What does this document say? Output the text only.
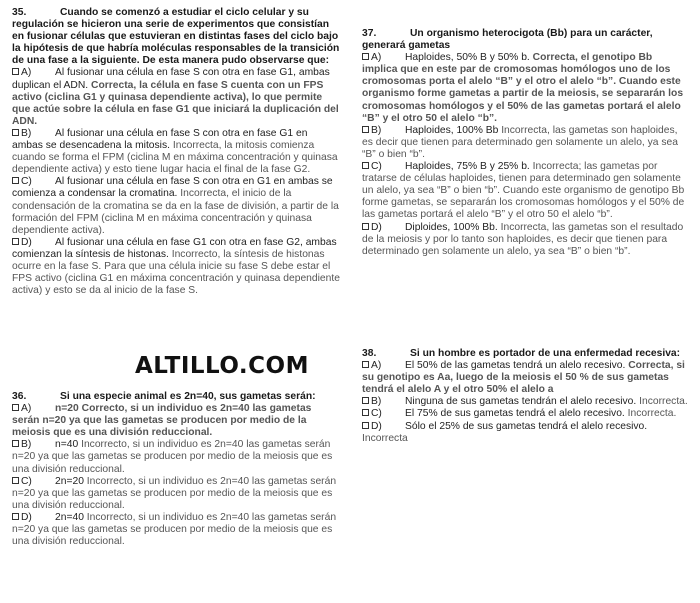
35.	Cuando se comenzó a estudiar el ciclo celular y su regulación se hicieron una serie de experimentos que consistían en fusionar células que estuvieran en distintas fases del ciclo bajo la hipótesis de que habría moléculas responsables de la transición de una fase a la siguiente. De esta manera pudo observarse que:
A) Al fusionar una célula en fase S con otra en fase G1, ambas duplican el ADN. Correcta, la célula en fase S cuenta con un FPS activo (ciclina G1 y quinasa dependiente activa), lo que permite que actúe sobre la célula en fase G1 que iniciará la duplicación del ADN.
B) Al fusionar una célula en fase S con otra en fase G1 en ambas se desencadena la mitosis. Incorrecta, la mitosis comienza cuando se forma el FPM (ciclina M en máxima concentración y quinasa dependiente activa) y esto tiene lugar hacia el final de la fase G2.
C) Al fusionar una célula en fase S con otra en G1 en ambas se comienza a condensar la cromatina. Incorrecta, el inicio de la condensación de la cromatina se da en la fase de división, a partir de la formación del FPM (ciclina M en máxima concentración y quinasa dependiente activa).
D) Al fusionar una célula en fase G1 con otra en fase G2, ambas comienzan la síntesis de histonas. Incorrecto, la síntesis de histonas ocurre en la fase S. Para que una célula inicie su fase S debe estar el FPS activo (ciclina G1 en máxima concentración y quinasa dependiente activa) y esto se da al inicio de la fase S.
36.	Si una especie animal es 2n=40, sus gametas serán:
A) n=20 Correcto, si un individuo es 2n=40 las gametas serán n=20 ya que las gametas se producen por medio de la meiosis que es una división reduccional.
B) n=40 Incorrecto, si un individuo es 2n=40 las gametas serán n=20 ya que las gametas se producen por medio de la meiosis que es una división reduccional.
C) 2n=20 Incorrecto, si un individuo es 2n=40 las gametas serán n=20 ya que las gametas se producen por medio de la meiosis que es una división reduccional.
D) 2n=40 Incorrecto, si un individuo es 2n=40 las gametas serán n=20 ya que las gametas se producen por medio de la meiosis que es una división reduccional.
ALTILLO.COM
37.	Un organismo heterocigota (Bb) para un carácter, generará gametas
A) Haploides, 50% B y 50% b. Correcta, el genotipo Bb implica que en este par de cromosomas homólogos uno de los cromosomas porta el alelo “B” y el otro el alelo “b”. Cuando este organismo forme gametas a partir de la meiosis, se separarán los cromosomas homólogos y el 50% de las gametas portará el alelo “B” y el otro 50 el alelo “b”.
B) Haploides, 100% Bb Incorrecta, las gametas son haploides, es decir que tienen para determinado gen solamente un alelo, ya sea “B” o bien “b”.
C) Haploides, 75% B y 25% b. Incorrecta; las gametas por tratarse de células haploides, tienen para determinado gen solamente un alelo, ya sea “B” o bien “b”. Cuando este organismo de genotipo Bb forme gametas, se separarán los cromosomas homólogos y el 50% de las gametas portará el alelo “B” y el otro 50 el alelo “b”.
D) Diploides, 100% Bb. Incorrecta, las gametas son el resultado de la meiosis y por lo tanto son haploides, es decir que tienen para determinado gen solamente un alelo, ya sea “B” o bien “b”.
38.	Si un hombre es portador de una enfermedad recesiva:
A) El 50% de las gametas tendrá un alelo recesivo. Correcta, si su genotipo es Aa, luego de la meiosis el 50 % de sus gametas tendrá el alelo A y el otro 50% el alelo a
B) Ninguna de sus gametas tendrán el alelo recesivo. Incorrecta.
C) El 75% de sus gametas tendrá el alelo recesivo. Incorrecta.
D) Sólo el 25% de sus gametas tendrá el alelo recesivo. Incorrecta
